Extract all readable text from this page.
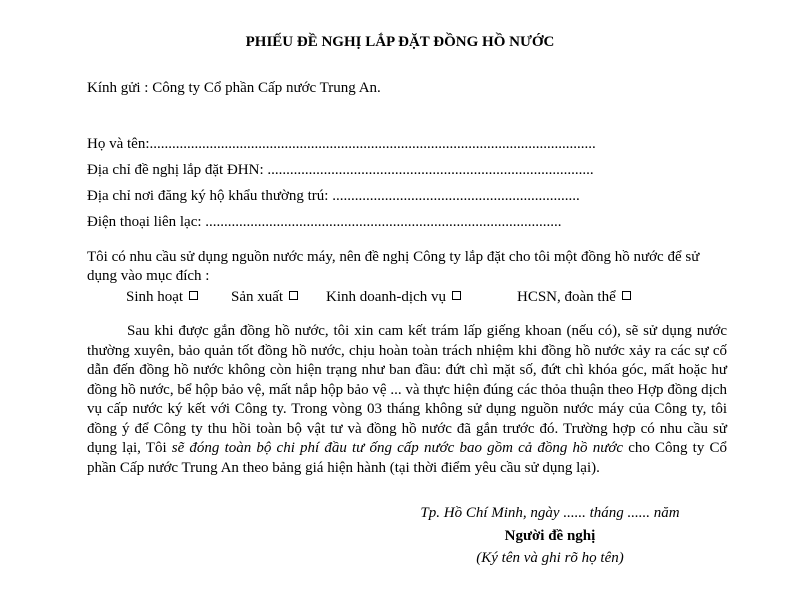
PHIẾU ĐỀ NGHỊ LẮP ĐẶT ĐỒNG HỒ NƯỚC
Kính gửi : Công ty Cổ phần Cấp nước Trung An.
Họ và tên:.......................................................................................................................
Địa chỉ đề nghị lắp đặt ĐHN: .......................................................................................
Địa chỉ nơi đăng ký hộ khẩu thường trú: ..................................................................
Điện thoại liên lạc: ...............................................................................................
Tôi có nhu cầu sử dụng nguồn nước máy, nên đề nghị Công ty lắp đặt cho tôi một đồng hồ nước để sử dụng vào mục đích :
Sinh hoạt	Sản xuất	Kinh doanh-dịch vụ	HCSN, đoàn thể
Sau khi được gắn đồng hồ nước, tôi xin cam kết trám lấp giếng khoan (nếu có), sẽ sử dụng nước thường xuyên, bảo quản tốt đồng hồ nước, chịu hoàn toàn trách nhiệm khi đồng hồ nước xảy ra các sự cố dẫn đến đồng hồ nước không còn hiện trạng như ban đầu: đứt chì mặt số, đứt chì khóa góc, mất hoặc hư đồng hồ nước, bể hộp bảo vệ, mất nắp hộp bảo vệ ... và thực hiện đúng các thỏa thuận theo Hợp đồng dịch vụ cấp nước ký kết với Công ty. Trong vòng 03 tháng không sử dụng nguồn nước máy của Công ty, tôi đồng ý để Công ty thu hồi toàn bộ vật tư và đồng hồ nước đã gắn trước đó. Trường hợp có nhu cầu sử dụng lại, Tôi sẽ đóng toàn bộ chi phí đầu tư ống cấp nước bao gồm cả đồng hồ nước cho Công ty Cổ phần Cấp nước Trung An theo bảng giá hiện hành (tại thời điểm yêu cầu sử dụng lại).
Tp. Hồ Chí Minh, ngày ...... tháng ...... năm
Người đề nghị
(Ký tên và ghi rõ họ tên)
